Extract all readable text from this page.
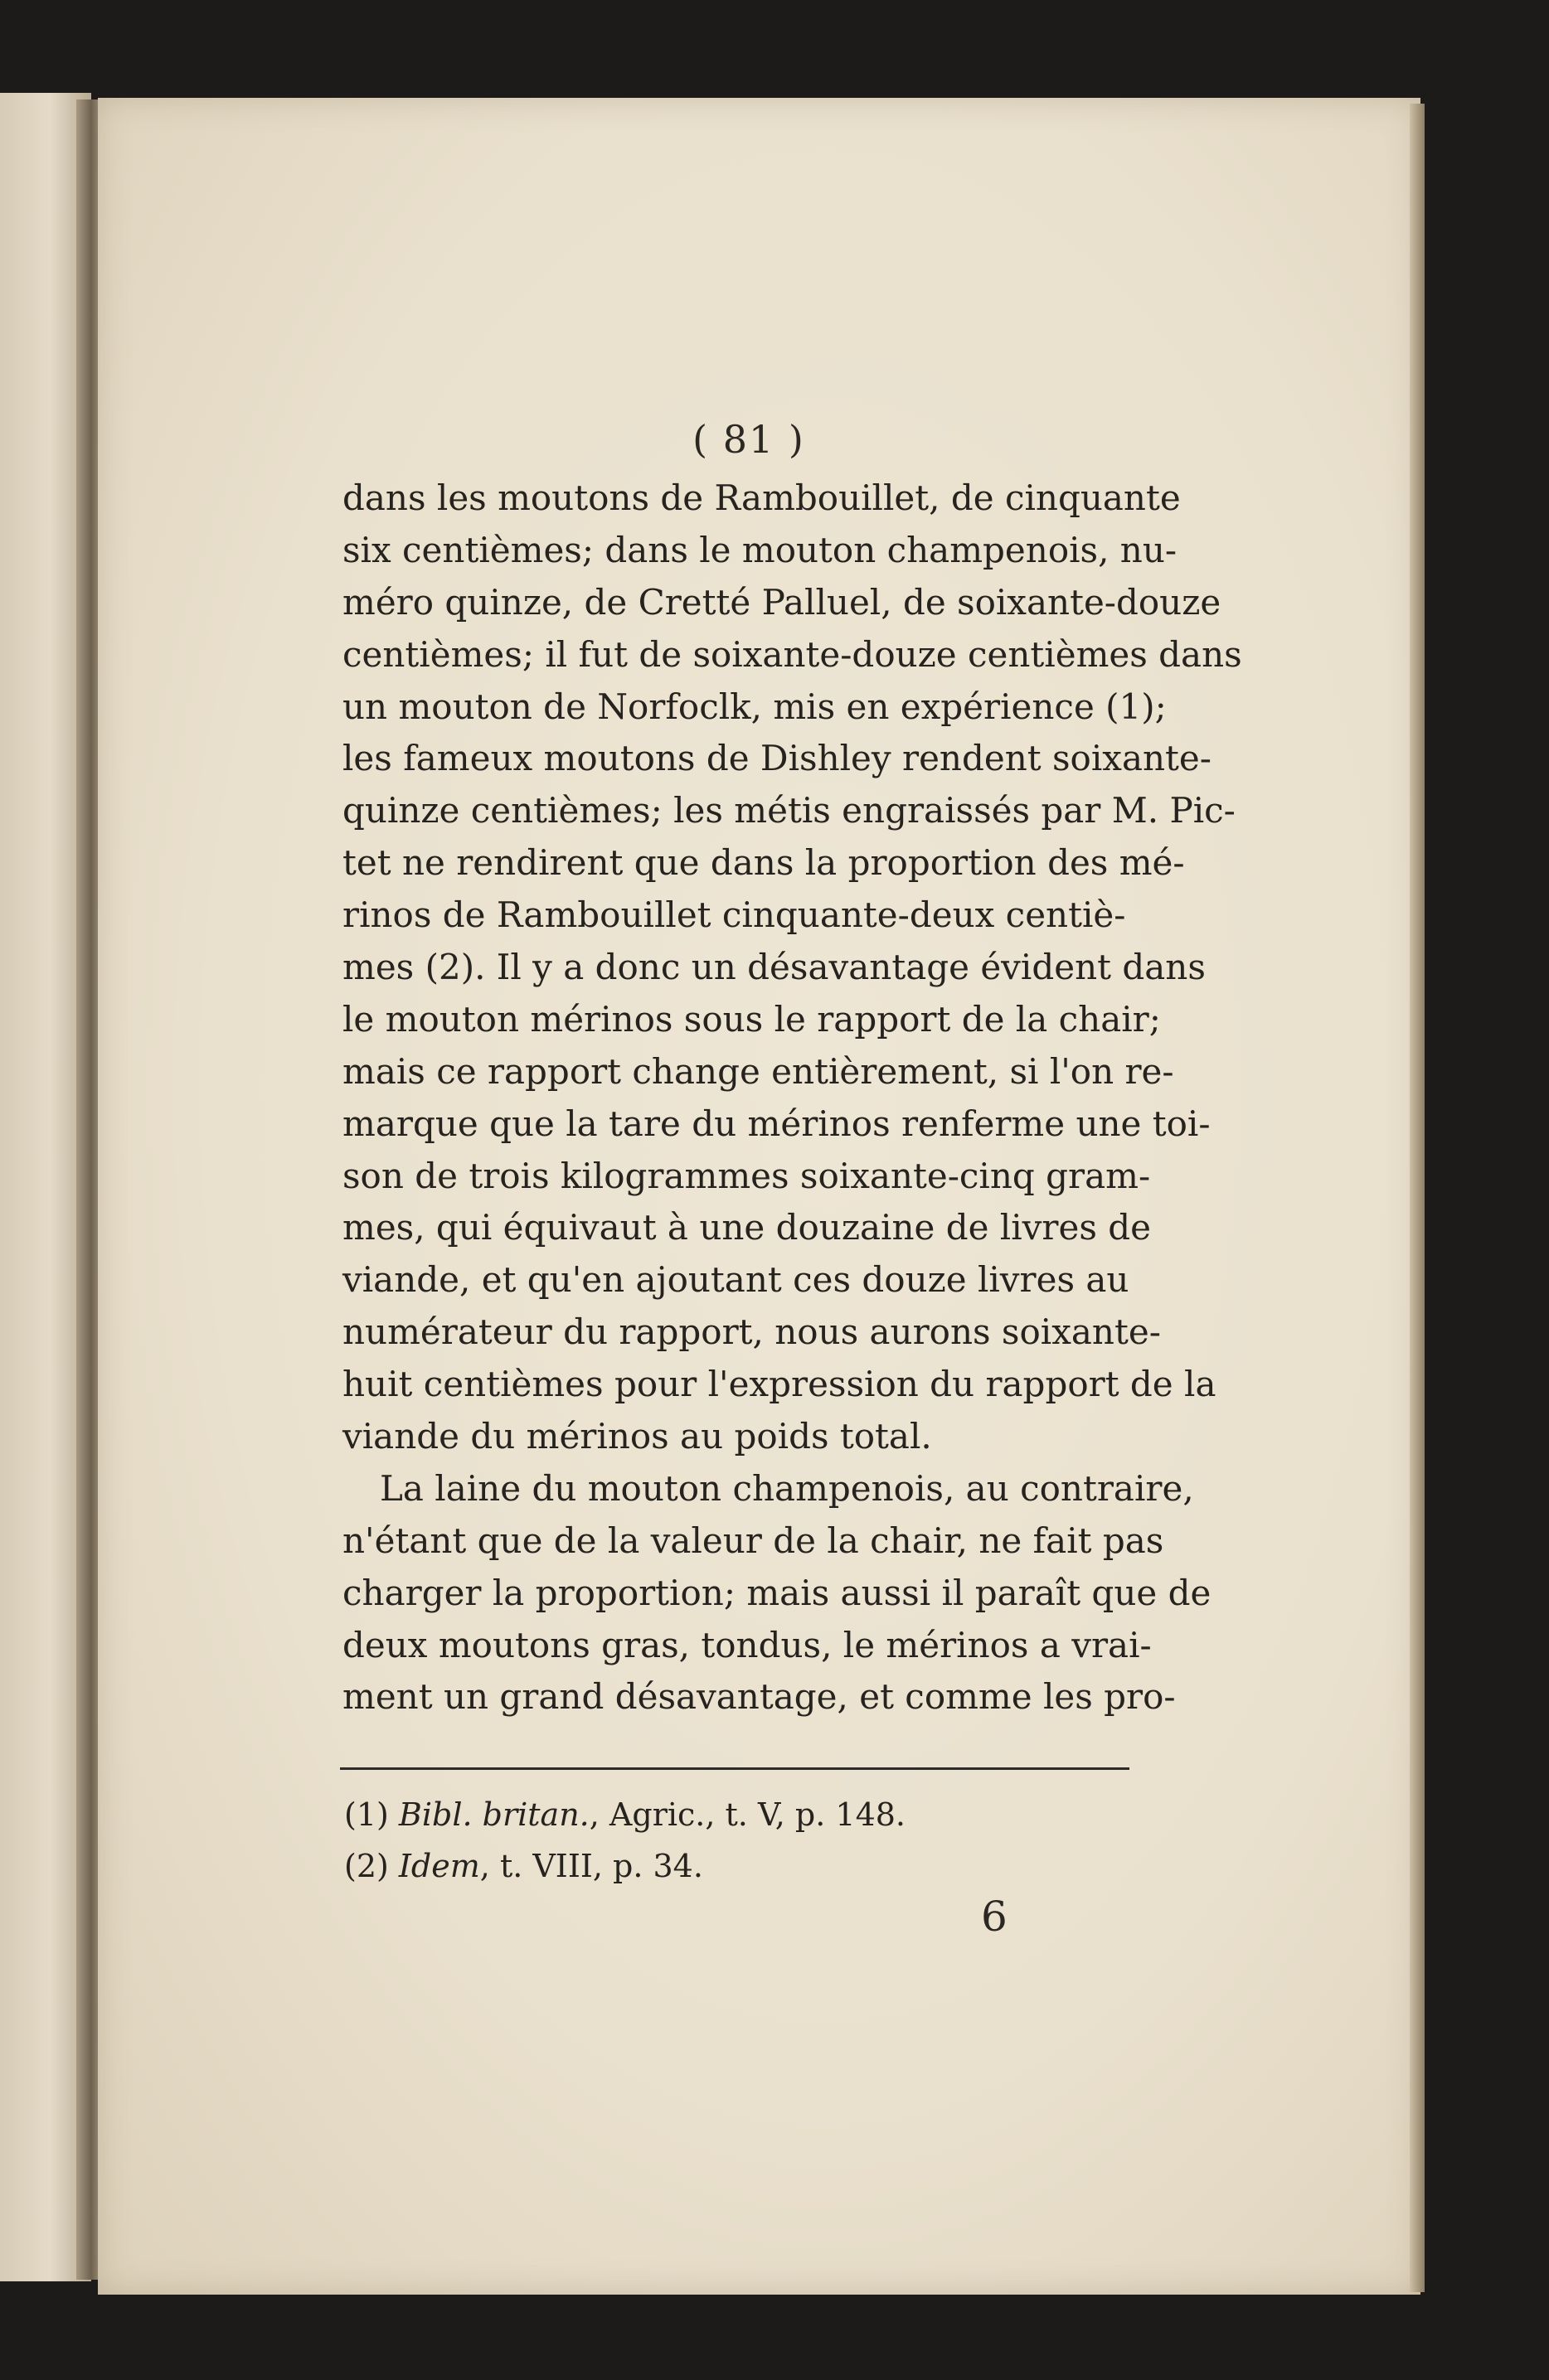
( 81 )
dans les moutons de Rambouillet, de cinquante
six centièmes; dans le mouton champenois, nu-
méro quinze, de Cretté Palluel, de soixante-douze
centièmes; il fut de soixante-douze centièmes dans
un mouton de Norfoclk, mis en expérience (1);
les fameux moutons de Dishley rendent soixante-
quinze centièmes; les métis engraissés par M. Pic-
tet ne rendirent que dans la proportion des mé-
rinos de Rambouillet cinquante-deux centiè-
mes (2). Il y a donc un désavantage évident dans
le mouton mérinos sous le rapport de la chair;
mais ce rapport change entièrement, si l'on re-
marque que la tare du mérinos renferme une toi-
son de trois kilogrammes soixante-cinq gram-
mes, qui équivaut à une douzaine de livres de
viande, et qu'en ajoutant ces douze livres au
numérateur du rapport, nous aurons soixante-
huit centièmes pour l'expression du rapport de la
viande du mérinos au poids total.
La laine du mouton champenois, au contraire,
n'étant que de la valeur de la chair, ne fait pas
charger la proportion; mais aussi il paraît que de
deux moutons gras, tondus, le mérinos a vrai-
ment un grand désavantage, et comme les pro-
(1) Bibl. britan., Agric., t. V, p. 148.
(2) Idem, t. VIII, p. 34.
6
